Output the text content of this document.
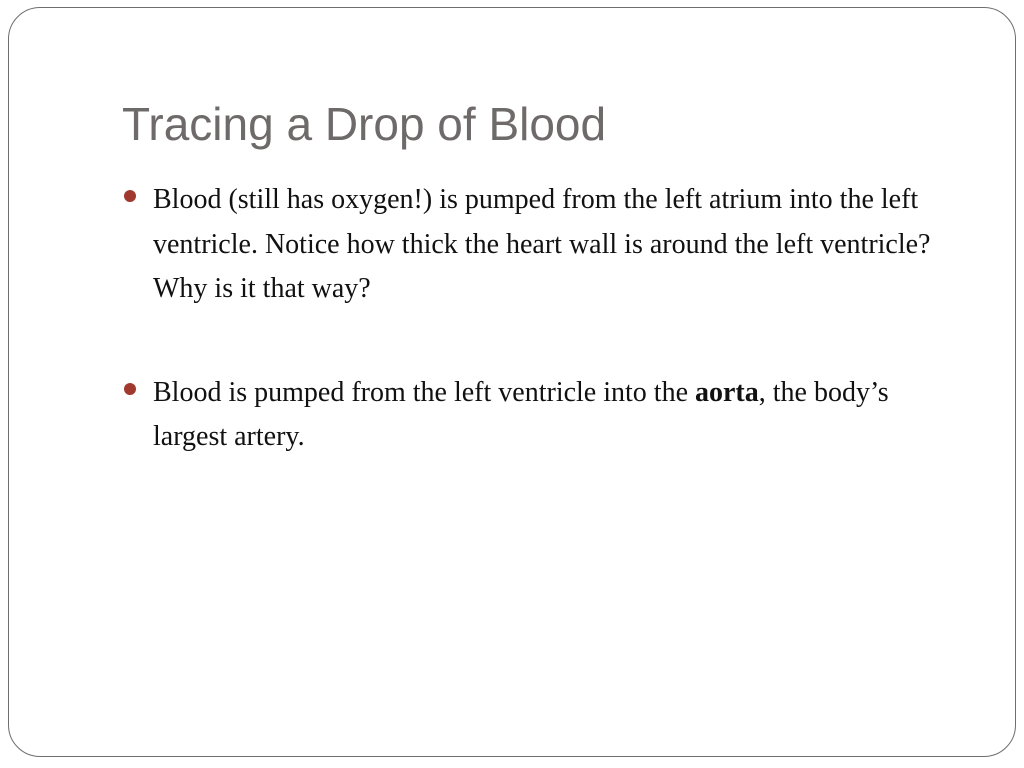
Tracing a Drop of Blood
Blood (still has oxygen!) is pumped from the left atrium into the left ventricle. Notice how thick the heart wall is around the left ventricle? Why is it that way?
Blood is pumped from the left ventricle into the aorta, the body’s largest artery.
